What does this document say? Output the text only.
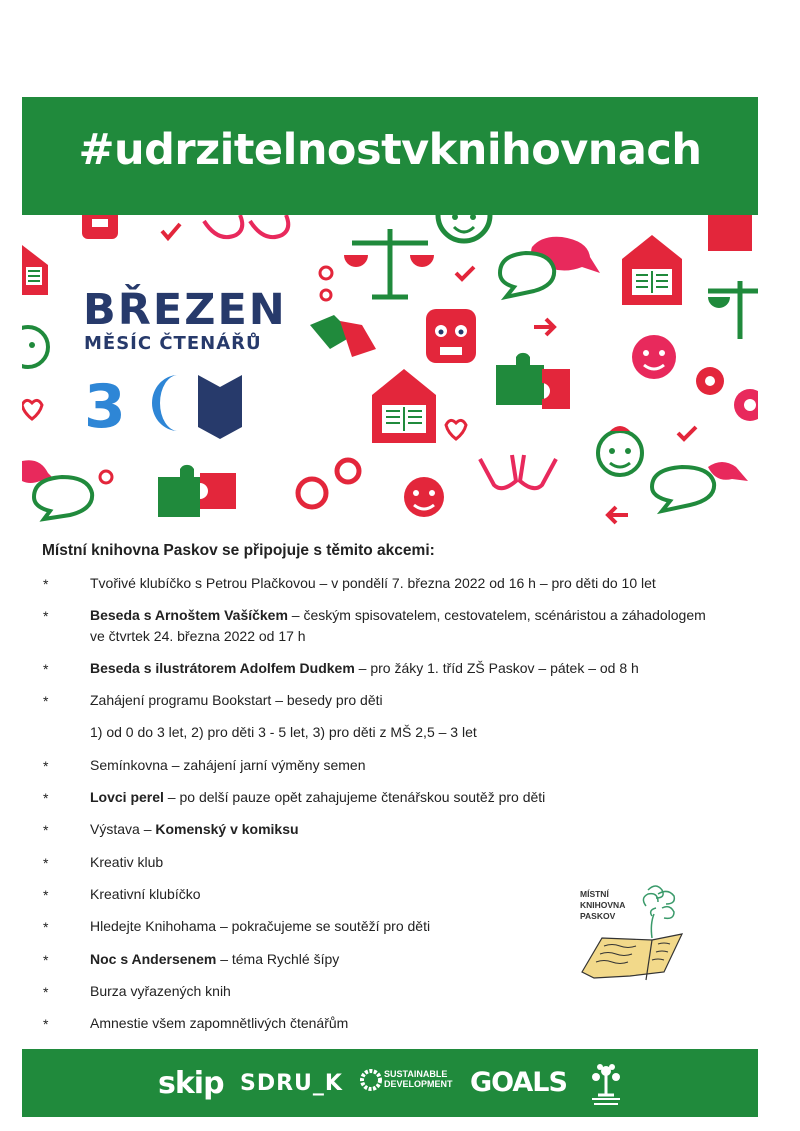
#udrzitelnostvknihovnach
3
BŘEZEN
MĚSÍC ČTENÁŘŮ
Místní knihovna Paskov se připojuje s těmito akcemi:
*	Tvořivé klubíčko s Petrou Plačkovou – v pondělí 7. března 2022 od 16 h – pro děti do 10 let
*	Beseda s Arnoštem Vašíčkem – českým spisovatelem, cestovatelem, scénáristou a záhadologem
ve čtvrtek 24. března 2022 od 17 h
*	Beseda s ilustrátorem Adolfem Dudkem – pro žáky 1. tříd ZŠ Paskov – pátek – od 8 h
*	Zahájení programu Bookstart – besedy pro děti
1) od 0 do 3 let, 2) pro děti 3 - 5 let, 3) pro děti z MŠ 2,5 – 3 let
*	Semínkovna – zahájení jarní výměny semen
*	Lovci perel – po delší pauze opět zahajujeme čtenářskou soutěž pro děti
*	Výstava – Komenský v komiksu
*	Kreativ klub
*	Kreativní klubíčko
*	Hledejte Knihohama – pokračujeme se soutěží pro děti
*	Noc s Andersenem – téma Rychlé šípy
*	Burza vyřazených knih
*	Amnestie všem zapomnětlivých čtenářům
MÍSTNÍ
KNIHOVNA
PASKOV
skip SDRU_K	SUSTAINABLE
DEVELOPMENT GOALS
